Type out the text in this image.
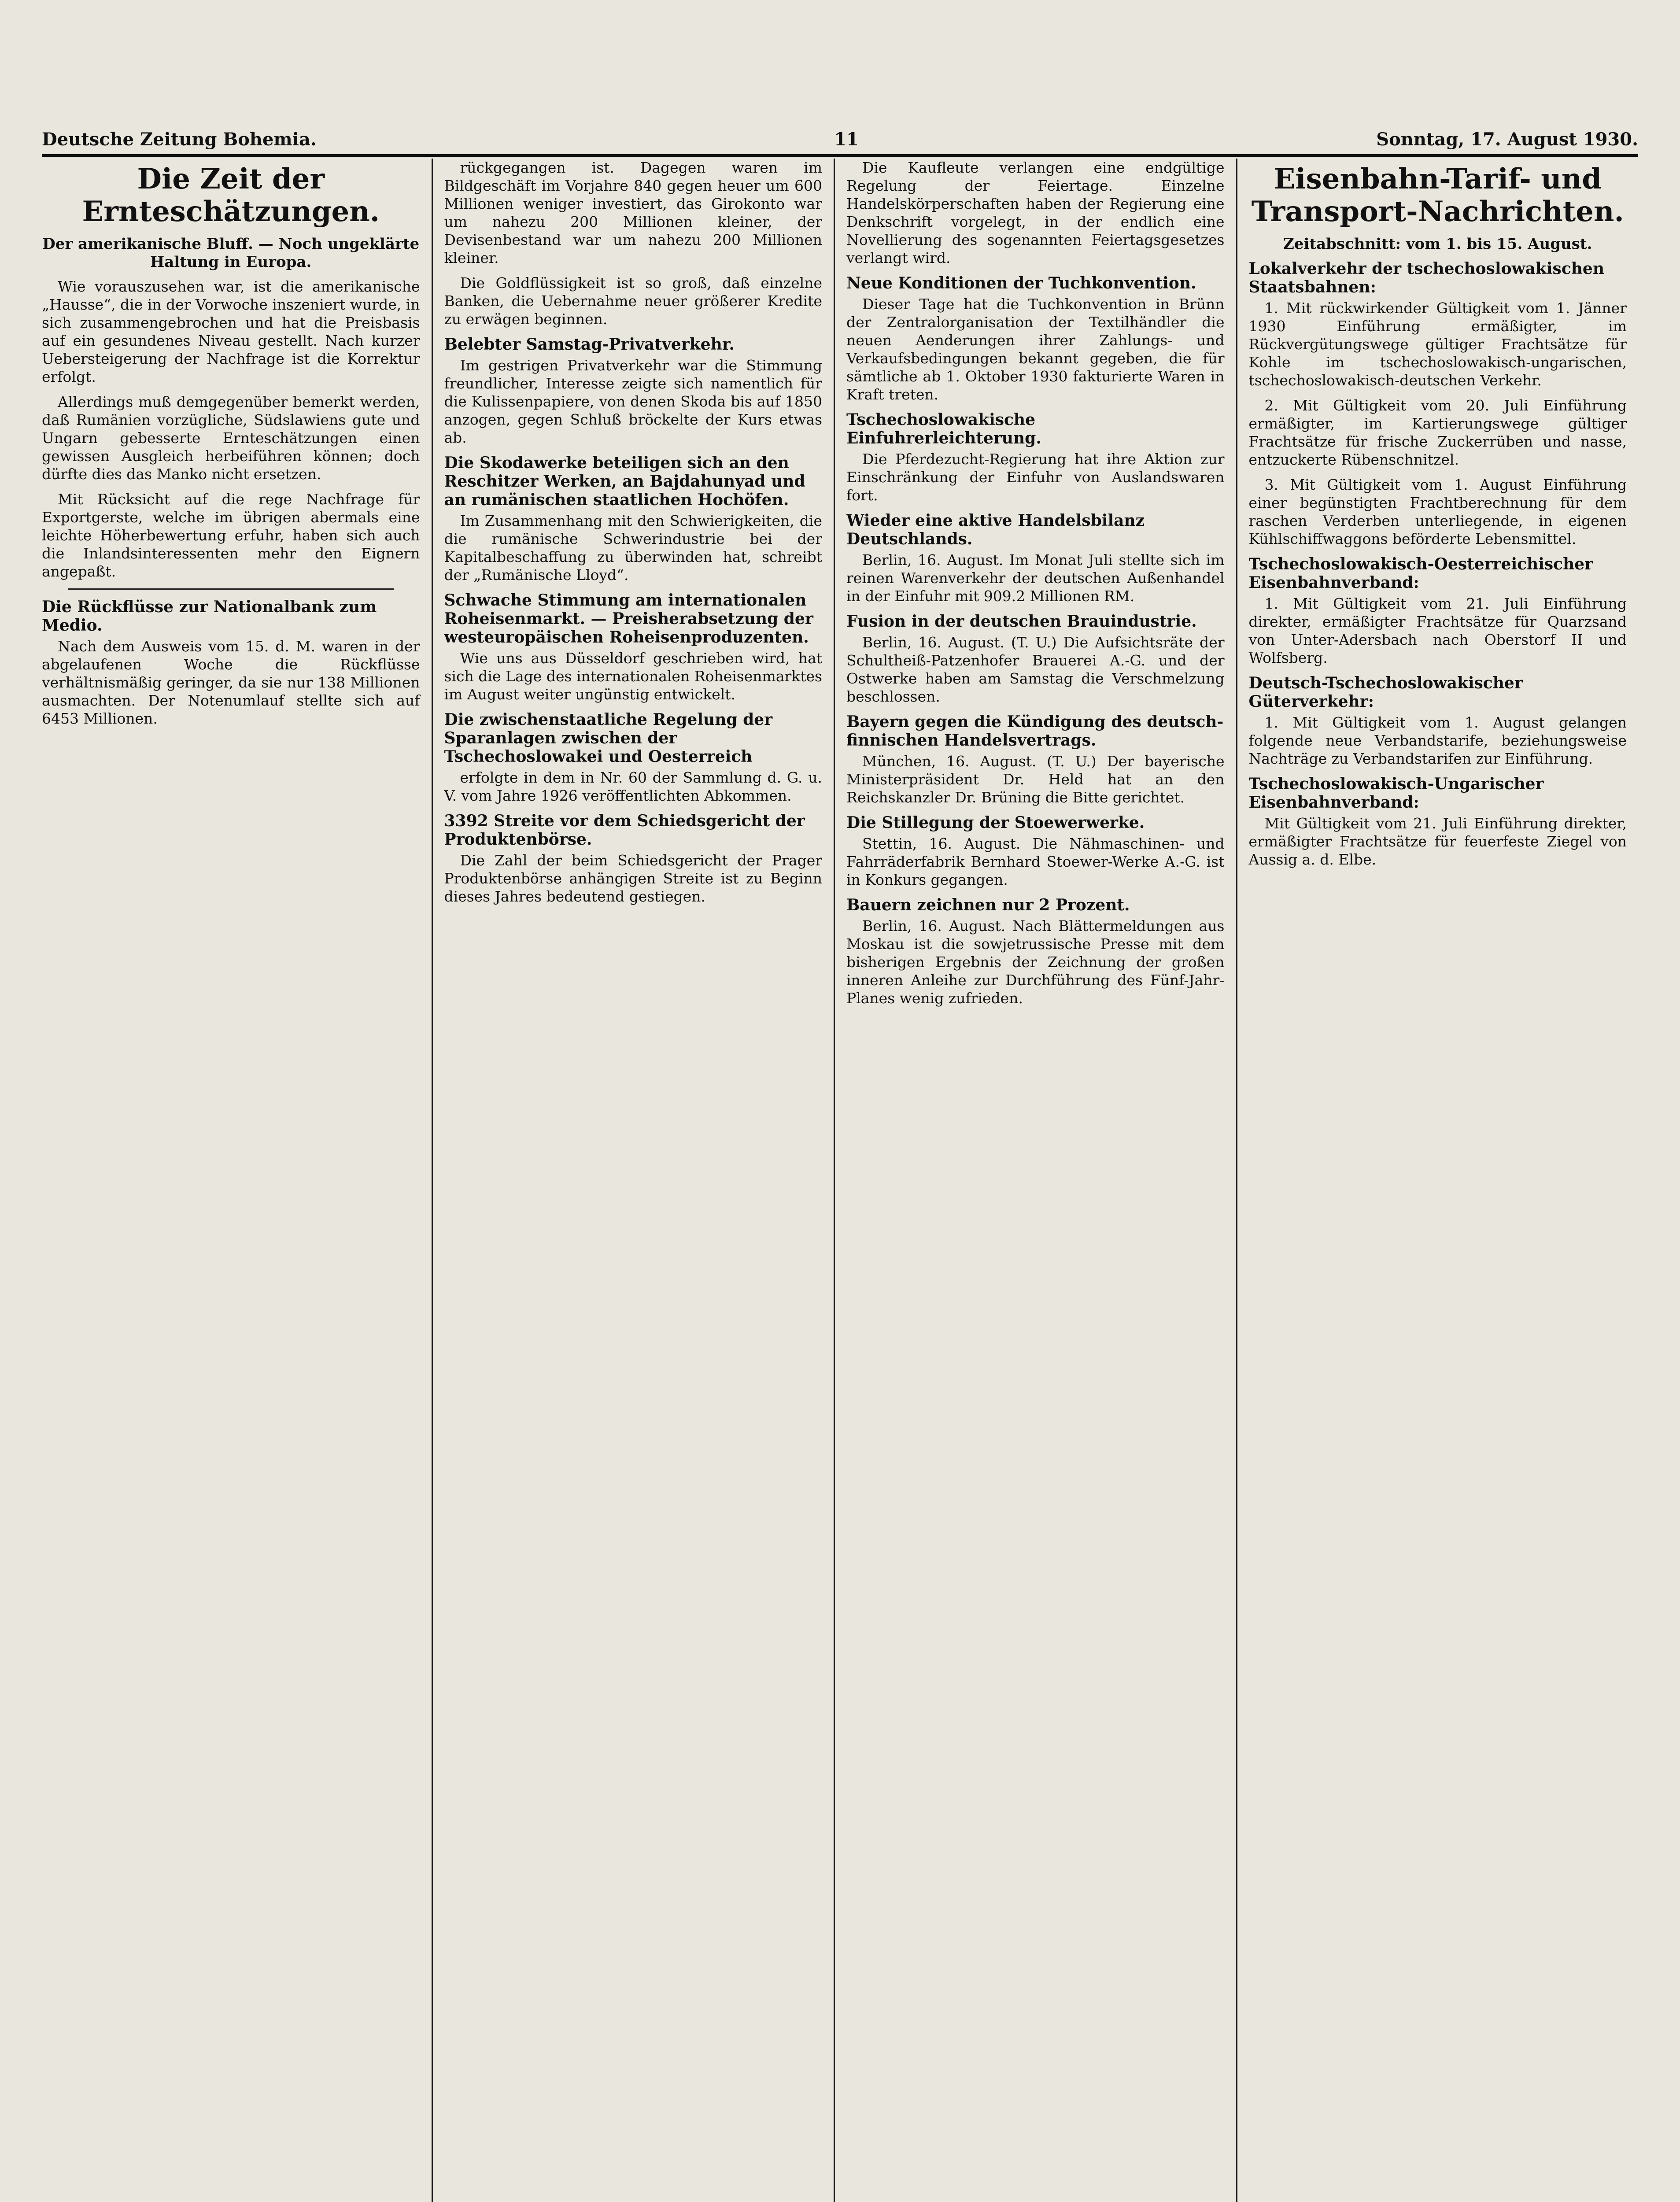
Deutsche Zeitung Bohemia.	11	Sonntag, 17. August 1930.
Die Zeit der Ernteschätzungen.
Der amerikanische Bluff. — Noch ungeklärte Haltung in Europa.

Wie vorauszusehen war, ist die amerikanische „Hausse“, die in der Vorwoche inszeniert wurde, in sich zusammengebrochen und hat die Preisbasis auf ein gesundenes Niveau gestellt. Nach kurzer Uebersteigerung der Nachfrage ist die Korrektur erfolgt.

Allerdings muß demgegenüber bemerkt werden, daß Rumänien vorzügliche, Südslawiens gute und Ungarn gebesserte Ernteschätzungen einen gewissen Ausgleich herbeiführen können; doch dürfte dies das Manko nicht ersetzen.

Mit Rücksicht auf die rege Nachfrage für Exportgerste, welche im übrigen abermals eine leichte Höherbewertung erfuhr, haben sich auch die Inlandsinteressenten mehr den Eignern angepaßt.

Die Rückflüsse zur Nationalbank zum Medio.

Nach dem Ausweis vom 15. d. M. waren in der abgelaufenen Woche die Rückflüsse verhältnismäßig geringer, da sie nur 138 Millionen ausmachten. Der Notenumlauf stellte sich auf 6453 Millionen.

rückgegangen ist. Dagegen waren im Bildgeschäft im Vorjahre 840 gegen heuer um 600 Millionen weniger investiert, das Girokonto war um nahezu 200 Millionen kleiner, der Devisenbestand war um nahezu 200 Millionen kleiner.

Die Goldflüssigkeit ist so groß, daß einzelne Banken, die Uebernahme neuer größerer Kredite zu erwägen beginnen.

Belebter Samstag-Privatverkehr.

Im gestrigen Privatverkehr war die Stimmung freundlicher, Interesse zeigte sich namentlich für die Kulissenpapiere, von denen Skoda bis auf 1850 anzogen, gegen Schluß bröckelte der Kurs etwas ab.

Die Skodawerke beteiligen sich an den Reschitzer Werken, an Bajdahunyad und an rumänischen staatlichen Hochöfen.

Im Zusammenhang mit den Schwierigkeiten, die die rumänische Schwerindustrie bei der Kapitalbeschaffung zu überwinden hat, schreibt der „Rumänische Lloyd“.

Schwache Stimmung am internationalen Roheisenmarkt. — Preisherabsetzung der westeuropäischen Roheisenproduzenten.

Wie uns aus Düsseldorf geschrieben wird, hat sich die Lage des internationalen Roheisenmarktes im August weiter ungünstig entwickelt.

Die zwischenstaatliche Regelung der Sparanlagen zwischen der Tschechoslowakei und Oesterreich

erfolgte in dem in Nr. 60 der Sammlung d. G. u. V. vom Jahre 1926 veröffentlichten Abkommen.

3392 Streite vor dem Schiedsgericht der Produktenbörse.

Die Zahl der beim Schiedsgericht der Prager Produktenbörse anhängigen Streite ist zu Beginn dieses Jahres bedeutend gestiegen.

Die Kaufleute verlangen eine endgültige Regelung der Feiertage. Einzelne Handelskörperschaften haben der Regierung eine Denkschrift vorgelegt, in der endlich eine Novellierung des sogenannten Feiertagsgesetzes verlangt wird.

Neue Konditionen der Tuchkonvention.

Dieser Tage hat die Tuchkonvention in Brünn der Zentralorganisation der Textilhändler die neuen Aenderungen ihrer Zahlungs- und Verkaufsbedingungen bekannt gegeben, die für sämtliche ab 1. Oktober 1930 fakturierte Waren in Kraft treten.

Tschechoslowakische Einfuhrerleichterung.

Die Pferdezucht-Regierung hat ihre Aktion zur Einschränkung der Einfuhr von Auslandswaren fort.

Wieder eine aktive Handelsbilanz Deutschlands.

Berlin, 16. August. Im Monat Juli stellte sich im reinen Warenverkehr der deutschen Außenhandel in der Einfuhr mit 909.2 Millionen RM.

Fusion in der deutschen Brauindustrie.

Berlin, 16. August. (T. U.) Die Aufsichtsräte der Schultheiß-Patzenhofer Brauerei A.-G. und der Ostwerke haben am Samstag die Verschmelzung beschlossen.

Bayern gegen die Kündigung des deutsch-finnischen Handelsvertrags.

München, 16. August. (T. U.) Der bayerische Ministerpräsident Dr. Held hat an den Reichskanzler Dr. Brüning die Bitte gerichtet.

Die Stillegung der Stoewerwerke.

Stettin, 16. August. Die Nähmaschinen- und Fahrräderfabrik Bernhard Stoewer-Werke A.-G. ist in Konkurs gegangen.

Bauern zeichnen nur 2 Prozent.

Berlin, 16. August. Nach Blättermeldungen aus Moskau ist die sowjetrussische Presse mit dem bisherigen Ergebnis der Zeichnung der großen inneren Anleihe zur Durchführung des Fünf-Jahr-Planes wenig zufrieden.

Eisenbahn-Tarif- und Transport-Nachrichten.
Zeitabschnitt: vom 1. bis 15. August.
Lokalverkehr der tschechoslowakischen Staatsbahnen:

1. Mit rückwirkender Gültigkeit vom 1. Jänner 1930 Einführung ermäßigter, im Rückvergütungswege gültiger Frachtsätze für Kohle im tschechoslowakisch-ungarischen, tschechoslowakisch-deutschen Verkehr.

2. Mit Gültigkeit vom 20. Juli Einführung ermäßigter, im Kartierungswege gültiger Frachtsätze für frische Zuckerrüben und nasse, entzuckerte Rübenschnitzel.

3. Mit Gültigkeit vom 1. August Einführung einer begünstigten Frachtberechnung für dem raschen Verderben unterliegende, in eigenen Kühlschiffwaggons beförderte Lebensmittel.

Tschechoslowakisch-Oesterreichischer Eisenbahnverband:

1. Mit Gültigkeit vom 21. Juli Einführung direkter, ermäßigter Frachtsätze für Quarzsand von Unter-Adersbach nach Oberstorf II und Wolfsberg.

Deutsch-Tschechoslowakischer Güterverkehr:

1. Mit Gültigkeit vom 1. August gelangen folgende neue Verbandstarife, beziehungsweise Nachträge zu Verbandstarifen zur Einführung.

Tschechoslowakisch-Ungarischer Eisenbahnverband:

Mit Gültigkeit vom 21. Juli Einführung direkter, ermäßigter Frachtsätze für feuerfeste Ziegel von Aussig a. d. Elbe.
